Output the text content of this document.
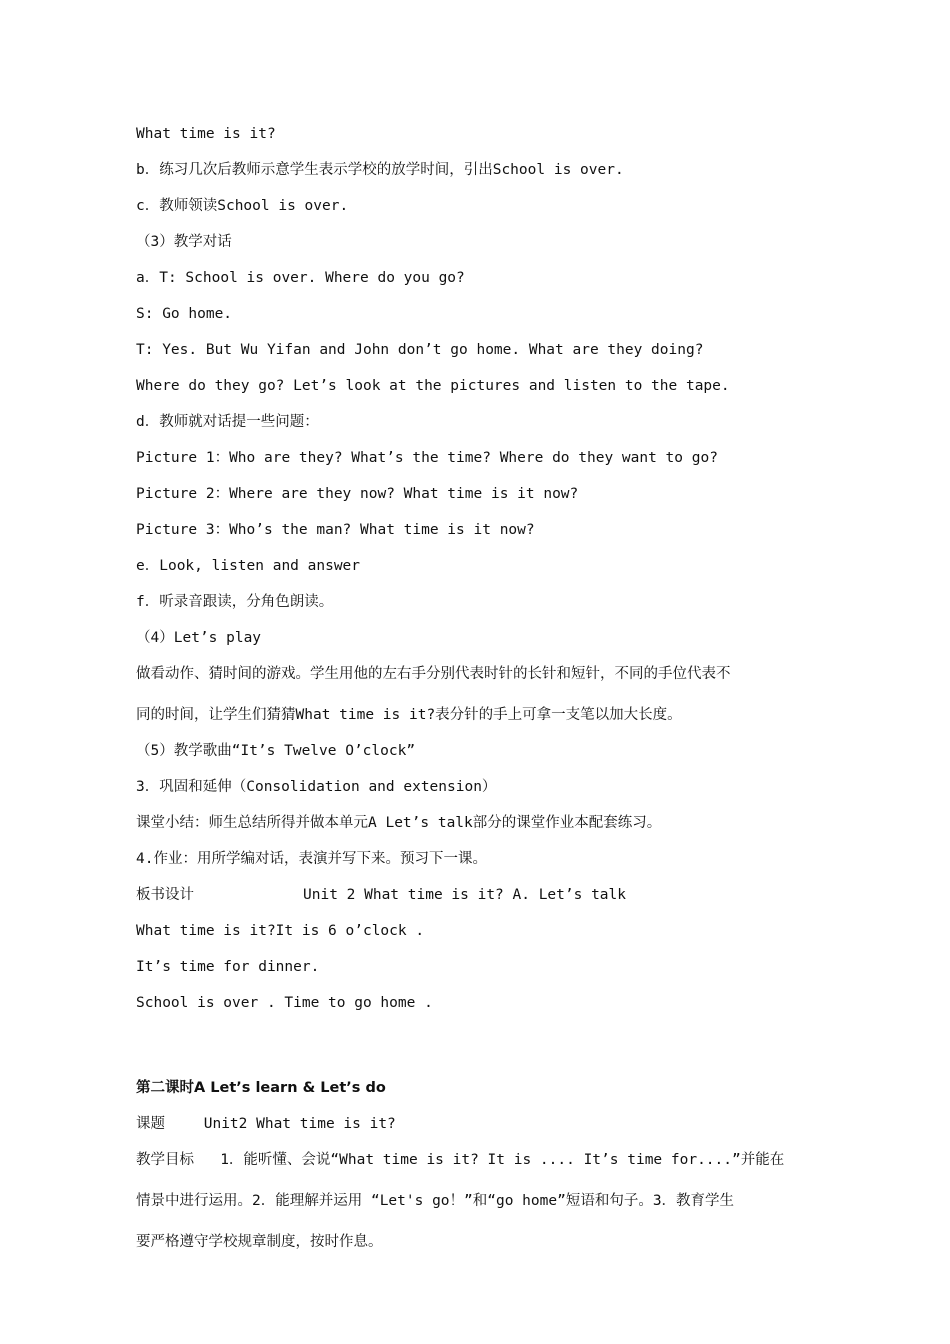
What time is it?
b．练习几次后教师示意学生表示学校的放学时间，引出School is over.
c．教师领读School is over.
（3）教学对话
a．T: School is over. Where do you go?
S: Go home.
T: Yes. But Wu Yifan and John don’t go home. What are they doing?
Where do they go? Let’s look at the pictures and listen to the tape.
d．教师就对话提一些问题：
Picture 1：Who are they? What’s the time? Where do they want to go?
Picture 2：Where are they now? What time is it now?
Picture 3：Who’s the man? What time is it now?
e．Look, listen and answer
f．听录音跟读，分角色朗读。
（4）Let’s play
做看动作、猜时间的游戏。学生用他的左右手分别代表时针的长针和短针，不同的手位代表不
同的时间，让学生们猜猜What time is it?表分针的手上可拿一支笔以加大长度。
（5）教学歌曲“It’s Twelve O’clock”
3．巩固和延伸（Consolidation and extension）
课堂小结：师生总结所得并做本单元A Let’s talk部分的课堂作业本配套练习。
4.作业：用所学编对话，表演并写下来。预习下一课。
板书设计	Unit 2 What time is it? A. Let’s talk
What time is it?It is 6 o’clock .
It’s time for dinner.
School is over . Time to go home .
第二课时A Let’s learn & Let’s do
课题	Unit2 What time is it?
教学目标   1．能听懂、会说“What time is it? It is .... It’s time for....”并能在
情景中进行运用。2．能理解并运用 “Let's go！”和“go home”短语和句子。3．教育学生
要严格遵守学校规章制度，按时作息。
